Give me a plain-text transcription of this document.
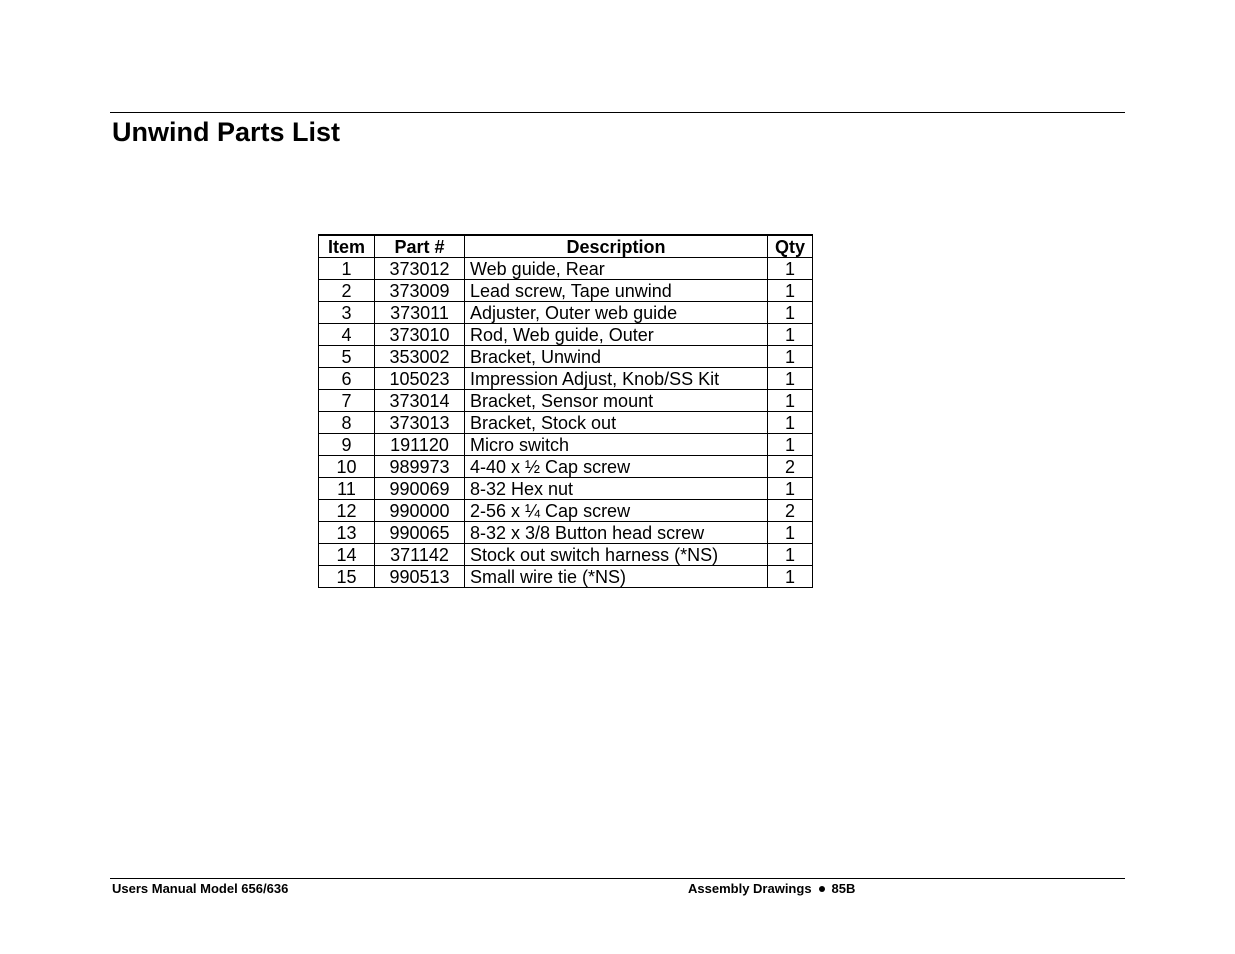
Unwind Parts List
Item	Part #	Description	Qty
1	373012	Web guide, Rear	1
2	373009	Lead screw, Tape unwind	1
3	373011	Adjuster, Outer web guide	1
4	373010	Rod, Web guide, Outer	1
5	353002	Bracket, Unwind	1
6	105023	Impression Adjust, Knob/SS Kit	1
7	373014	Bracket, Sensor mount	1
8	373013	Bracket, Stock out	1
9	191120	Micro switch	1
10	989973	4-40 x ½ Cap screw	2
11	990069	8-32 Hex nut	1
12	990000	2-56 x ¼ Cap screw	2
13	990065	8-32 x 3/8 Button head screw	1
14	371142	Stock out switch harness (*NS)	1
15	990513	Small wire tie (*NS)	1
Users Manual Model 656/636	Assembly Drawings 85B
